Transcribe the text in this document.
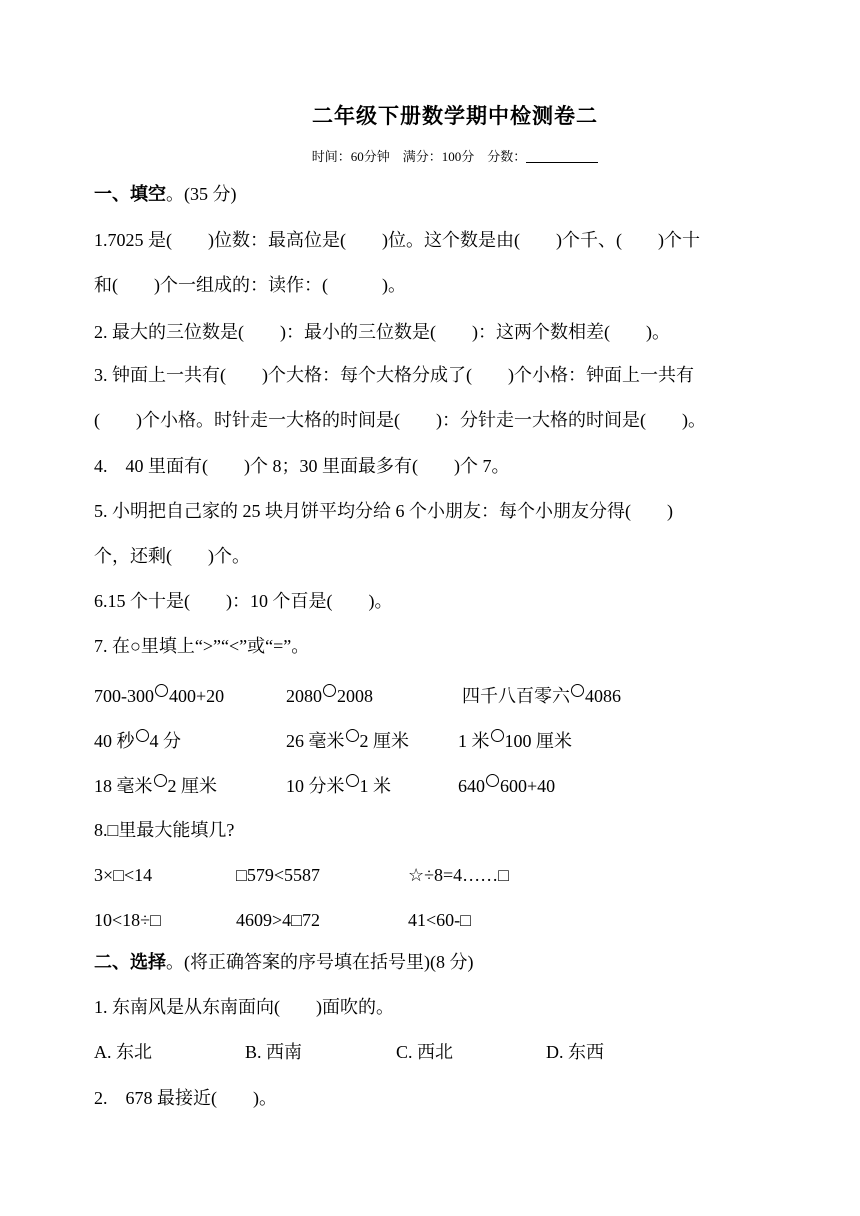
二年级下册数学期中检测卷二
时间：60分钟　满分：100分　分数：
一、填空。(35 分)
1.7025 是(　　)位数：最高位是(　　)位。这个数是由(　　)个千、(　　)个十
和(　　)个一组成的：读作：(　　　)。
2. 最大的三位数是(　　)：最小的三位数是(　　)：这两个数相差(　　)。
3. 钟面上一共有(　　)个大格：每个大格分成了(　　)个小格：钟面上一共有
(　　)个小格。时针走一大格的时间是(　　)：分针走一大格的时间是(　　)。
4.　40 里面有(　　)个 8；30 里面最多有(　　)个 7。
5. 小明把自己家的 25 块月饼平均分给 6 个小朋友：每个小朋友分得(　　)
个，还剩(　　)个。
6.15 个十是(　　)：10 个百是(　　)。
7. 在○里填上“>”“<”或“=”。
700-300 400+20	2080 2008	四千八百零六 4086
40 秒 4 分	26 毫米 2 厘米	1 米 100 厘米
18 毫米 2 厘米	10 分米 1 米	640 600+40
8.□里最大能填几?
3×□<14	□579<5587	☆÷8=4……□
10<18÷□	4609>4□72	41<60-□
二、选择。(将正确答案的序号填在括号里)(8 分)
1. 东南风是从东南面向(　　)面吹的。
A. 东北	B. 西南	C. 西北	D. 东西
2.　678 最接近(　　)。
